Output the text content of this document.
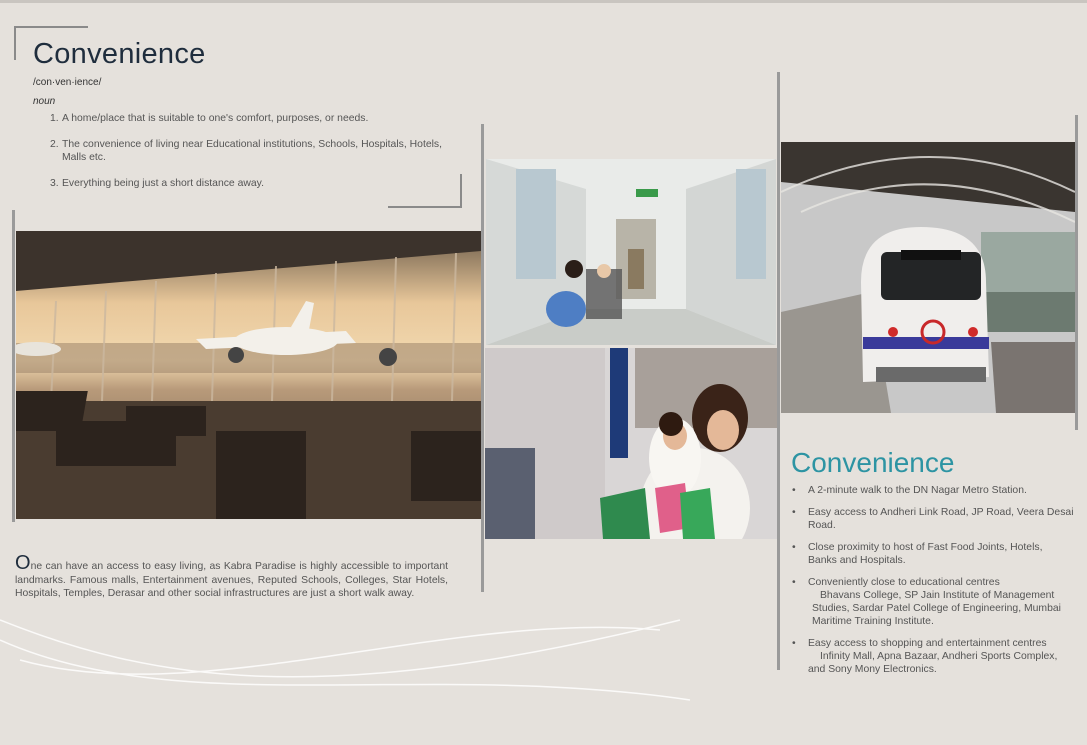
Convenience
/con·ven·ience/
noun
1. A home/place that is suitable to one's comfort, purposes, or needs.
2. The convenience of living near Educational institutions, Schools, Hospitals, Hotels, Malls etc.
3. Everything being just a short distance away.
One can have an access to easy living, as Kabra Paradise is highly accessible to important landmarks. Famous malls, Entertainment avenues, Reputed Schools, Colleges, Star Hotels, Hospitals, Temples, Derasar and other social infrastructures are just a short walk away.
Convenience
•	A 2-minute walk to the DN Nagar Metro Station.
•	Easy access to Andheri Link Road, JP Road, Veera Desai Road.
•	Close proximity to host of Fast Food Joints, Hotels, Banks and Hospitals.
•	Conveniently close to educational centres
Bhavans College, SP Jain Institute of Management
Studies, Sardar Patel College of Engineering, Mumbai Maritime Training Institute.
•	Easy access to shopping and entertainment centres
Infinity Mall, Apna Bazaar, Andheri Sports Complex,
and Sony Mony Electronics.
